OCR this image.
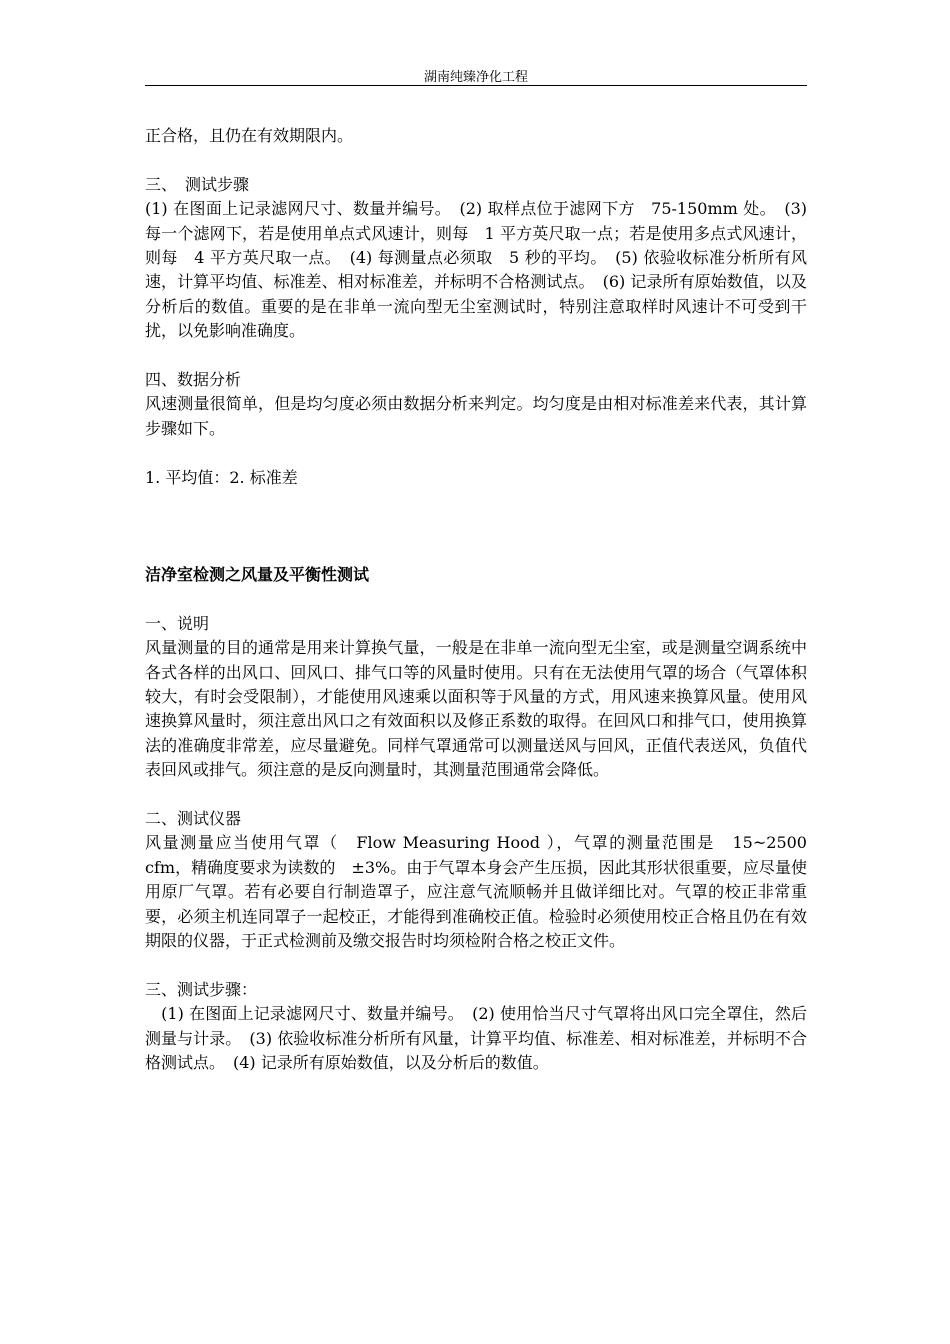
湖南纯臻净化工程

正合格，且仍在有效期限内。

三、　测试步骤

(1) 在图面上记录滤网尺寸、数量并编号。　(2) 取样点位于滤网下方　75-150mm 处。　(3) 每一个滤网下，若是使用单点式风速计，则每　1 平方英尺取一点；若是使用多点式风速计，则每　4 平方英尺取一点。　(4) 每测量点必须取　5 秒的平均。　(5) 依验收标准分析所有风速，计算平均值、标准差、相对标准差，并标明不合格测试点。　(6) 记录所有原始数值，以及分析后的数值。重要的是在非单一流向型无尘室测试时，特别注意取样时风速计不可受到干扰，以免影响准确度。

四、数据分析

风速测量很简单，但是均匀度必须由数据分析来判定。均匀度是由相对标准差来代表，其计算步骤如下。

1. 平均值：2. 标准差

洁净室检测之风量及平衡性测试

一、说明

风量测量的目的通常是用来计算换气量，一般是在非单一流向型无尘室，或是测量空调系统中各式各样的出风口、回风口、排气口等的风量时使用。只有在无法使用气罩的场合（气罩体积较大，有时会受限制），才能使用风速乘以面积等于风量的方式，用风速来换算风量。使用风速换算风量时，须注意出风口之有效面积以及修正系数的取得。在回风口和排气口，使用换算法的准确度非常差，应尽量避免。同样气罩通常可以测量送风与回风，正值代表送风，负值代表回风或排气。须注意的是反向测量时，其测量范围通常会降低。

二、测试仪器

风量测量应当使用气罩（　Flow Measuring Hood ），气罩的测量范围是　15~2500 cfm，精确度要求为读数的　±3%。由于气罩本身会产生压损，因此其形状很重要，应尽量使用原厂气罩。若有必要自行制造罩子，应注意气流顺畅并且做详细比对。气罩的校正非常重要，必须主机连同罩子一起校正，才能得到准确校正值。检验时必须使用校正合格且仍在有效期限的仪器，于正式检测前及缴交报告时均须检附合格之校正文件。

三、测试步骤：

　(1) 在图面上记录滤网尺寸、数量并编号。　(2) 使用恰当尺寸气罩将出风口完全罩住，然后测量与计录。　(3) 依验收标准分析所有风量，计算平均值、标准差、相对标准差，并标明不合格测试点。　(4) 记录所有原始数值，以及分析后的数值。
